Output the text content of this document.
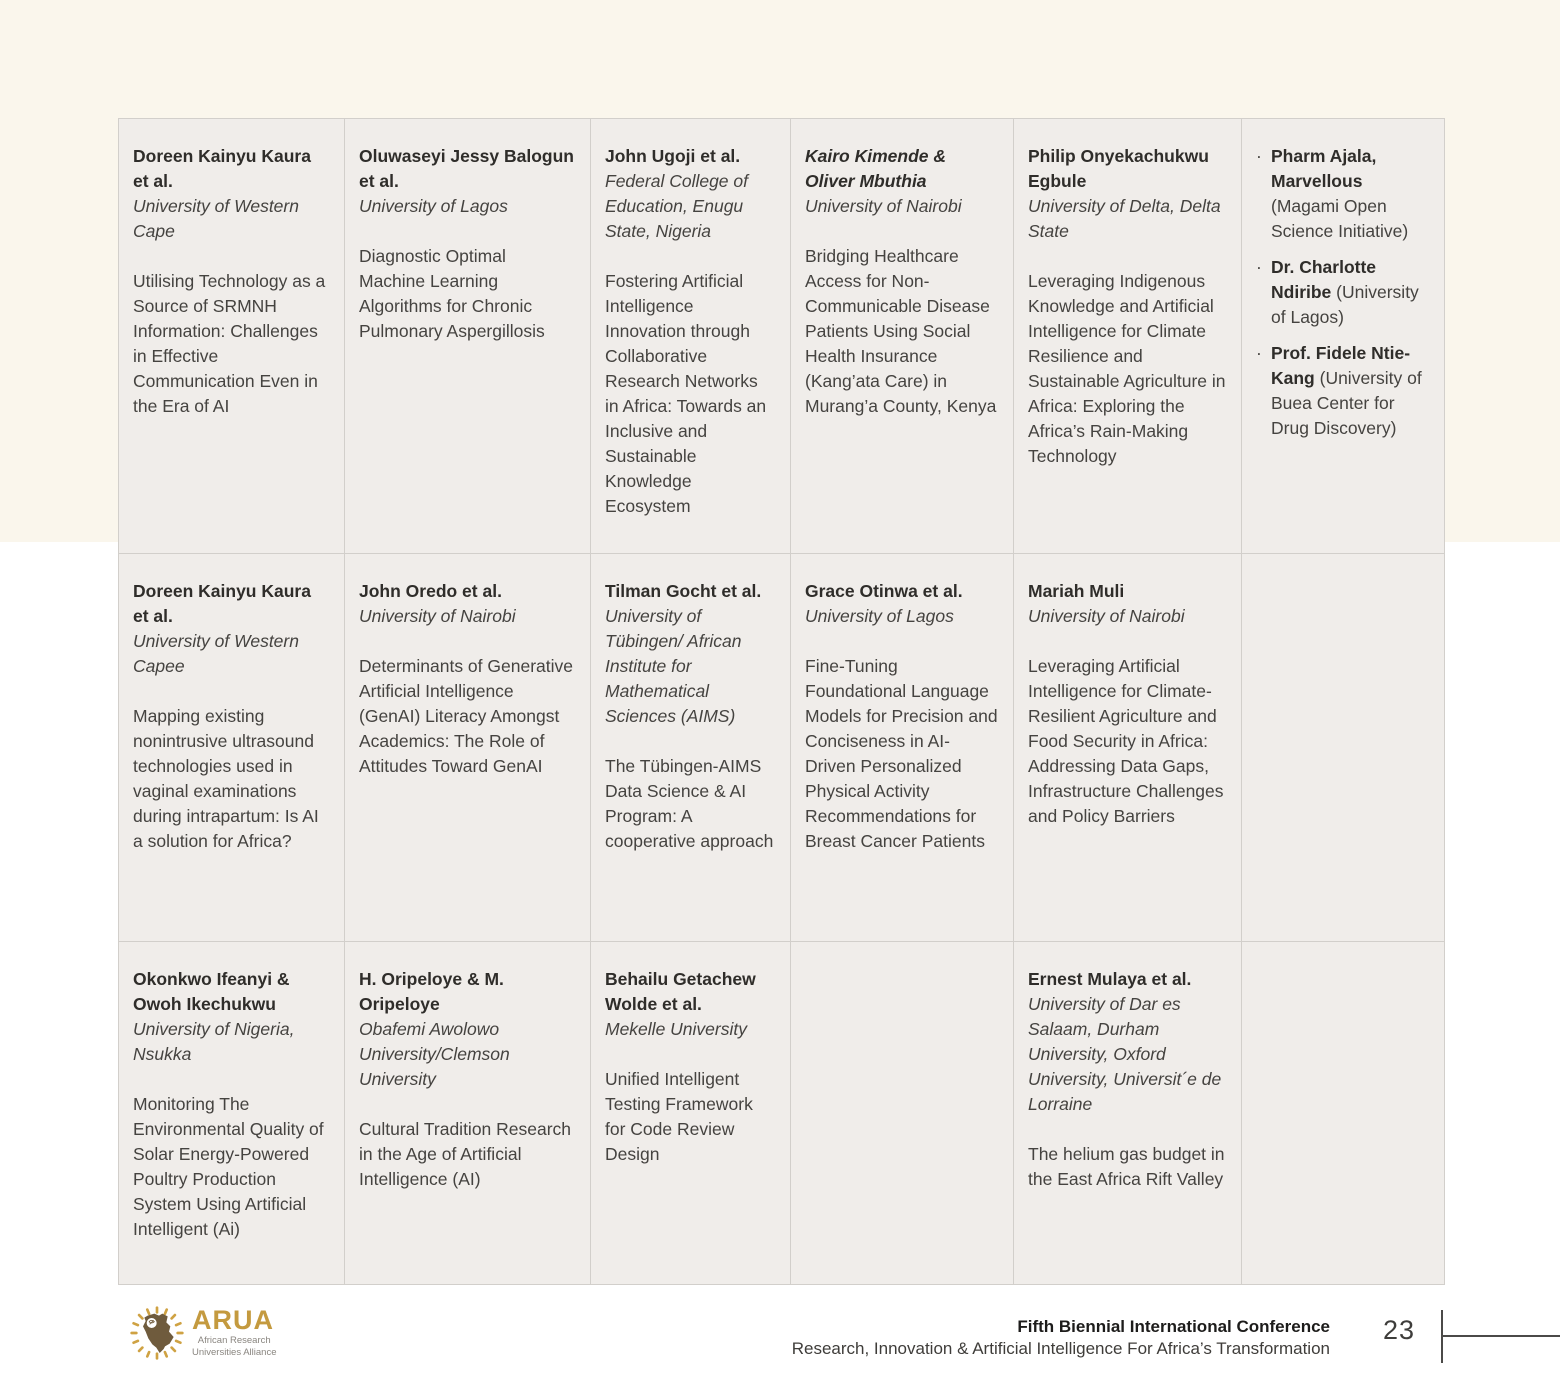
Doreen Kainyu Kaura et al.
University of Western Cape
Utilising Technology as a Source of SRMNH Information: Challenges in Effective Communication Even in the Era of AI
Oluwaseyi Jessy Balogun et al.
University of Lagos
Diagnostic Optimal Machine Learning Algorithms for Chronic Pulmonary Aspergillosis
John Ugoji et al.
Federal College of Education, Enugu State, Nigeria
Fostering Artificial Intelligence Innovation through Collaborative Research Networks in Africa: Towards an Inclusive and Sustainable Knowledge Ecosystem
Kairo Kimende & Oliver Mbuthia
University of Nairobi
Bridging Healthcare Access for Non-Communicable Disease Patients Using Social Health Insurance (Kang’ata Care) in Murang’a County, Kenya
Philip Onyekachukwu Egbule
University of Delta, Delta State
Leveraging Indigenous Knowledge and Artificial Intelligence for Climate Resilience and Sustainable Agriculture in Africa: Exploring the Africa’s Rain-Making Technology
· Pharm Ajala, Marvellous (Magami Open Science Initiative)
· Dr. Charlotte Ndiribe (University of Lagos)
· Prof. Fidele Ntie-Kang (University of Buea Center for Drug Discovery)
Doreen Kainyu Kaura et al.
University of Western Capee
Mapping existing nonintrusive ultrasound technologies used in vaginal examinations during intrapartum: Is AI a solution for Africa?
John Oredo et al.
University of Nairobi
Determinants of Generative Artificial Intelligence (GenAI) Literacy Amongst Academics: The Role of Attitudes Toward GenAI
Tilman Gocht et al.
University of Tübingen/ African Institute for Mathematical Sciences (AIMS)
The Tübingen-AIMS Data Science & AI Program: A cooperative approach
Grace Otinwa et al.
University of Lagos
Fine-Tuning Foundational Language Models for Precision and Conciseness in AI-Driven Personalized Physical Activity Recommendations for Breast Cancer Patients
Mariah Muli
University of Nairobi
Leveraging Artificial Intelligence for Climate-Resilient Agriculture and Food Security in Africa: Addressing Data Gaps, Infrastructure Challenges and Policy Barriers
Okonkwo Ifeanyi & Owoh Ikechukwu
University of Nigeria, Nsukka
Monitoring The Environmental Quality of Solar Energy-Powered Poultry Production System Using Artificial Intelligent (Ai)
H. Oripeloye & M. Oripeloye
Obafemi Awolowo University/Clemson University
Cultural Tradition Research in the Age of Artificial Intelligence (AI)
Behailu Getachew Wolde et al.
Mekelle University
Unified Intelligent Testing Framework for Code Review Design
Ernest Mulaya et al.
University of Dar es Salaam, Durham University, Oxford University, Universit´e de Lorraine
The helium gas budget in the East Africa Rift Valley
ARUA
African Research
Universities Alliance
Fifth Biennial International Conference
Research, Innovation & Artificial Intelligence For Africa’s Transformation
23
